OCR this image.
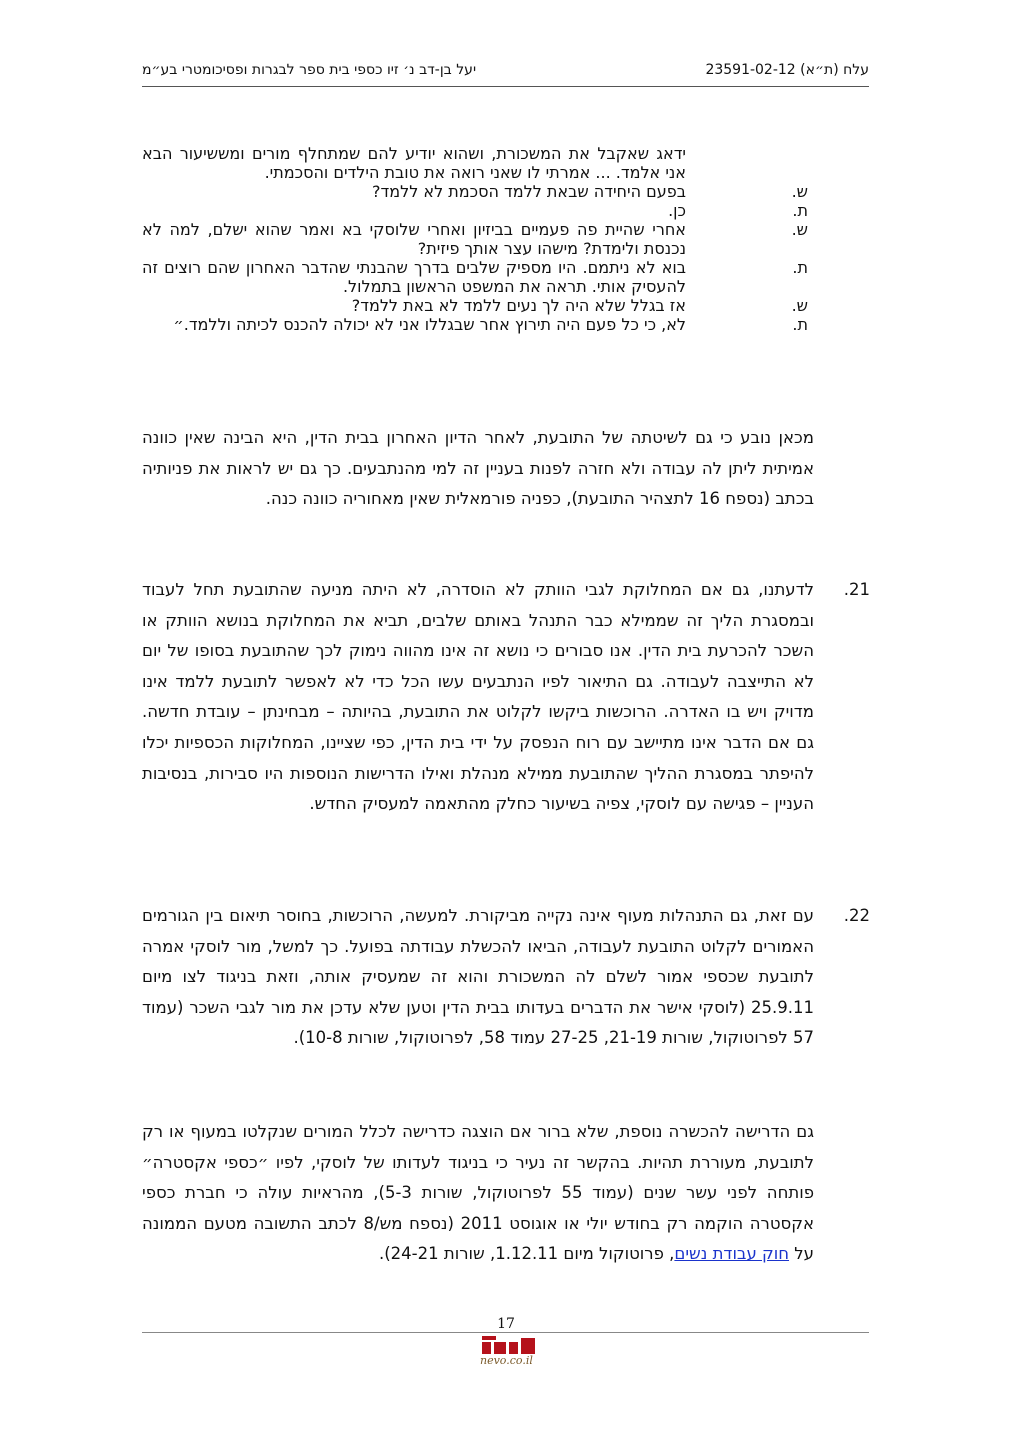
עלח (ת״א) 23591-02-12
יעל בן-דב נ׳ זיו כספי בית ספר לבגרות ופסיכומטרי בע״מ
ידאג שאקבל את המשכורת, ושהוא יודיע להם שמתחלף מורים ומששיעור הבא אני אלמד. ... אמרתי לו שאני רואה את טובת הילדים והסכמתי.
ש.
בפעם היחידה שבאת ללמד הסכמת לא ללמד?
ת.
כן.
ש.
אחרי שהיית פה פעמיים בביזיון ואחרי שלוסקי בא ואמר שהוא ישלם, למה לא נכנסת ולימדת? מישהו עצר אותך פיזית?
ת.
בוא לא ניתמם. היו מספיק שלבים בדרך שהבנתי שהדבר האחרון שהם רוצים זה להעסיק אותי. תראה את המשפט הראשון בתמלול.
ש.
אז בגלל שלא היה לך נעים ללמד לא באת ללמד?
ת.
לא, כי כל פעם היה תירוץ אחר שבגללו אני לא יכולה להכנס לכיתה וללמד.״
מכאן נובע כי גם לשיטתה של התובעת, לאחר הדיון האחרון בבית הדין, היא הבינה שאין כוונה אמיתית ליתן לה עבודה ולא חזרה לפנות בעניין זה למי מהנתבעים. כך גם יש לראות את פניותיה בכתב (נספח 16 לתצהיר התובעת), כפניה פורמאלית שאין מאחוריה כוונה כנה.
21.
לדעתנו, גם אם המחלוקת לגבי הוותק לא הוסדרה, לא היתה מניעה שהתובעת תחל לעבוד ובמסגרת הליך זה שממילא כבר התנהל באותם שלבים, תביא את המחלוקת בנושא הוותק או השכר להכרעת בית הדין. אנו סבורים כי נושא זה אינו מהווה נימוק לכך שהתובעת בסופו של יום לא התייצבה לעבודה. גם התיאור לפיו הנתבעים עשו הכל כדי לא לאפשר לתובעת ללמד אינו מדויק ויש בו האדרה. הרוכשות ביקשו לקלוט את התובעת, בהיותה – מבחינתן – עובדת חדשה. גם אם הדבר אינו מתיישב עם רוח הנפסק על ידי בית הדין, כפי שציינו, המחלוקות הכספיות יכלו להיפתר במסגרת ההליך שהתובעת ממילא מנהלת ואילו הדרישות הנוספות היו סבירות, בנסיבות העניין – פגישה עם לוסקי, צפיה בשיעור כחלק מהתאמה למעסיק החדש.
22.
עם זאת, גם התנהלות מעוף אינה נקייה מביקורת. למעשה, הרוכשות, בחוסר תיאום בין הגורמים האמורים לקלוט התובעת לעבודה, הביאו להכשלת עבודתה בפועל. כך למשל, מור לוסקי אמרה לתובעת שכספי אמור לשלם לה המשכורת והוא זה שמעסיק אותה, וזאת בניגוד לצו מיום 25.9.11 (לוסקי אישר את הדברים בעדותו בבית הדין וטען שלא עדכן את מור לגבי השכר (עמוד 57 לפרוטוקול, שורות 21-19, 27-25 עמוד 58, לפרוטוקול, שורות 10-8).
גם הדרישה להכשרה נוספת, שלא ברור אם הוצגה כדרישה לכלל המורים שנקלטו במעוף או רק לתובעת, מעוררת תהיות. בהקשר זה נעיר כי בניגוד לעדותו של לוסקי, לפיו ״כספי אקסטרה״ פותחה לפני עשר שנים (עמוד 55 לפרוטוקול, שורות 5-3), מהראיות עולה כי חברת כספי אקסטרה הוקמה רק בחודש יולי או אוגוסט 2011 (נספח מש/8 לכתב התשובה מטעם הממונה על חוק עבודת נשים, פרוטוקול מיום 1.12.11, שורות 24-21).
17
nevo.co.il
